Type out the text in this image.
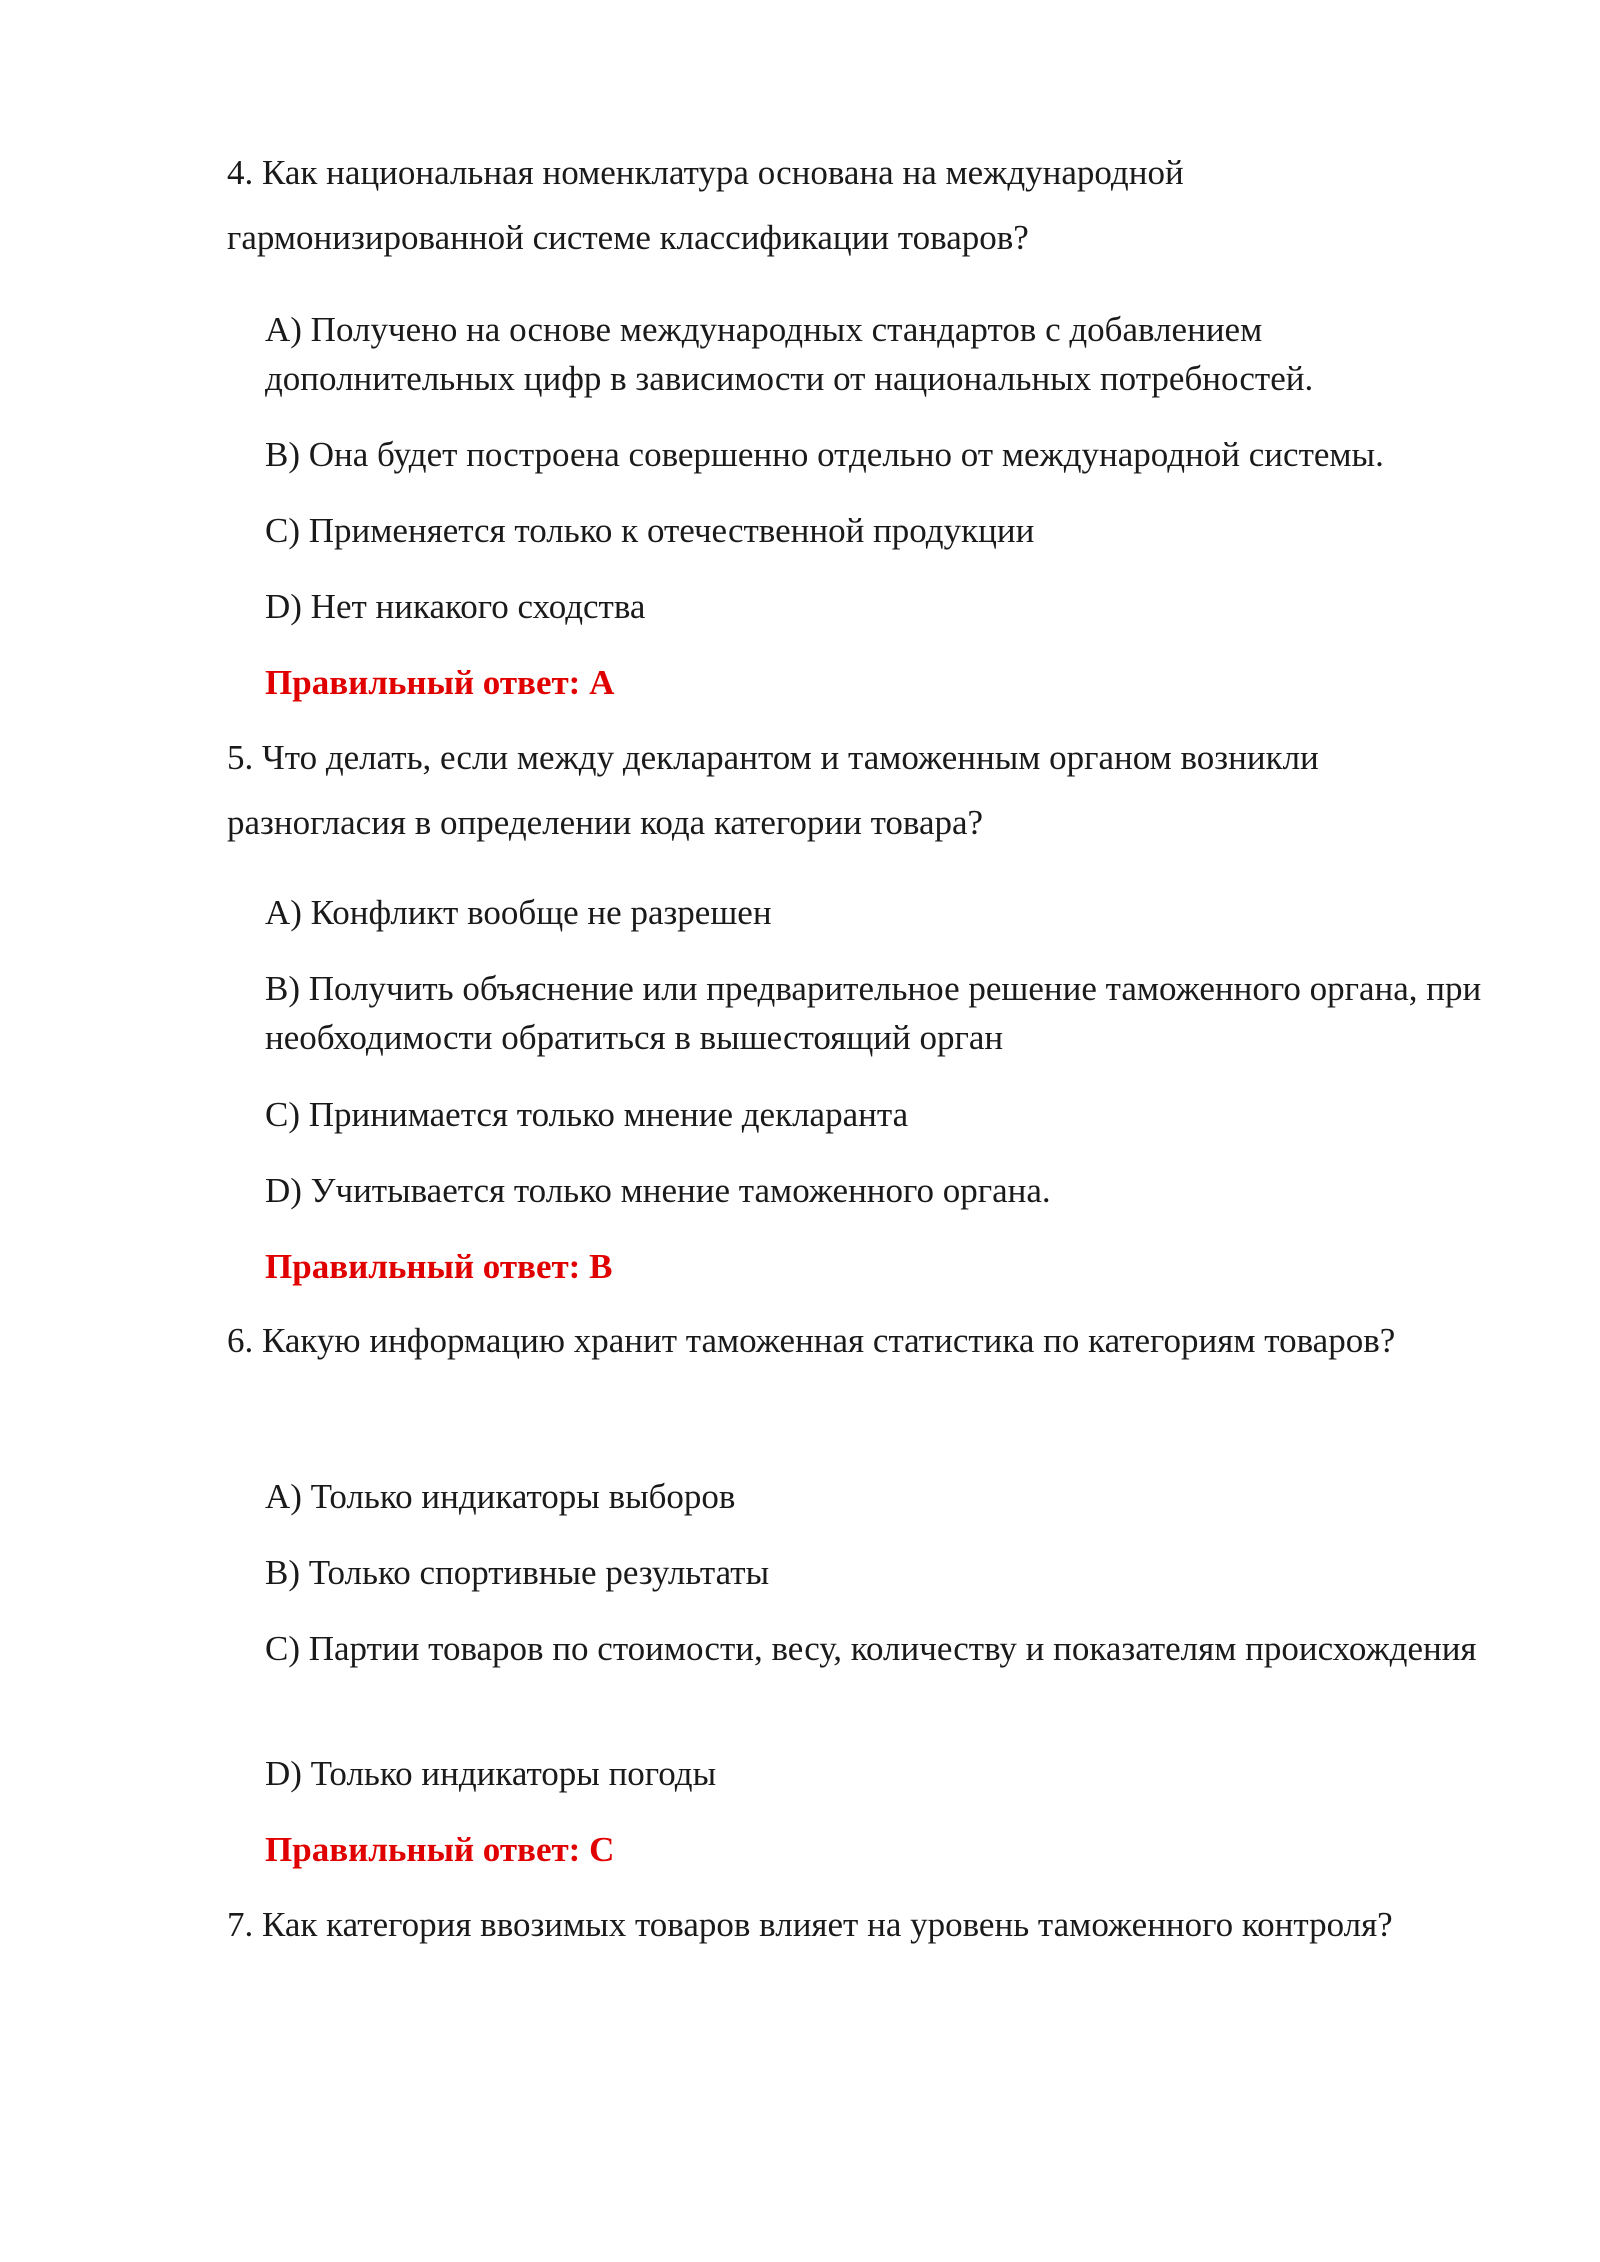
4. Как национальная номенклатура основана на международной гармонизированной системе классификации товаров?

A) Получено на основе международных стандартов с добавлением дополнительных цифр в зависимости от национальных потребностей.

B) Она будет построена совершенно отдельно от международной системы.

C) Применяется только к отечественной продукции

D) Нет никакого сходства

Правильный ответ: A

5. Что делать, если между декларантом и таможенным органом возникли разногласия в определении кода категории товара?

A) Конфликт вообще не разрешен

B) Получить объяснение или предварительное решение таможенного органа, при необходимости обратиться в вышестоящий орган

C) Принимается только мнение декларанта

D) Учитывается только мнение таможенного органа.

Правильный ответ: B

6. Какую информацию хранит таможенная статистика по категориям товаров?

A) Только индикаторы выборов

B) Только спортивные результаты

C) Партии товаров по стоимости, весу, количеству и показателям происхождения

D) Только индикаторы погоды

Правильный ответ: C

7. Как категория ввозимых товаров влияет на уровень таможенного контроля?
